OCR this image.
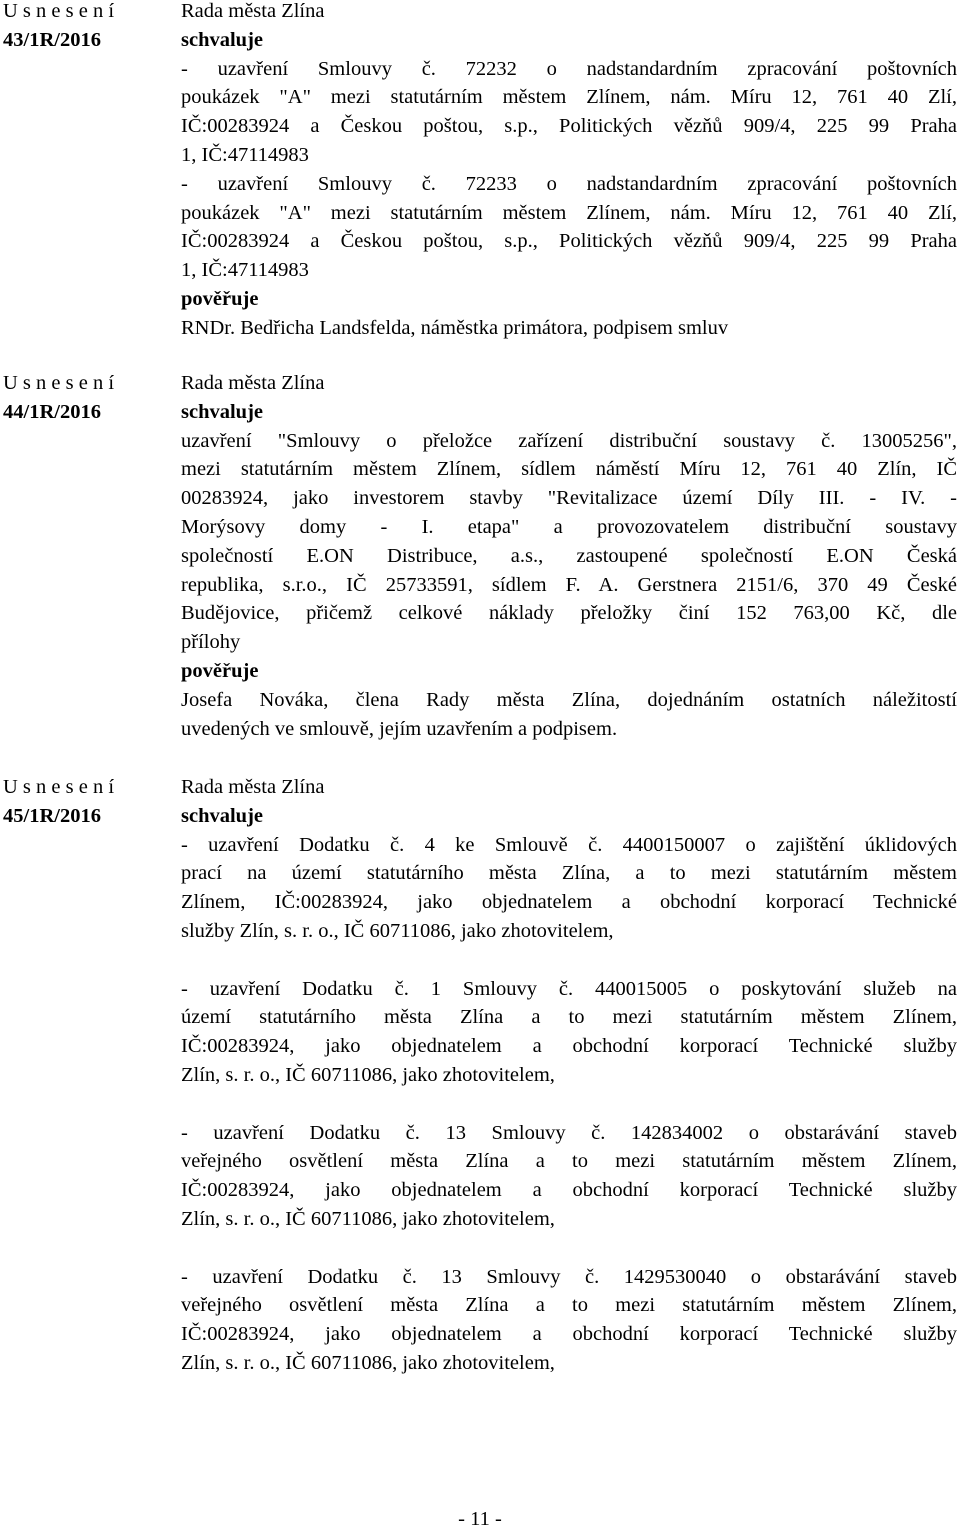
U s n e s e n í
43/1R/2016
Rada města Zlína
schvaluje
- uzavření Smlouvy č. 72232 o nadstandardním zpracování poštovních
poukázek "A" mezi statutárním městem Zlínem, nám. Míru 12, 761 40 Zlí,
IČ:00283924 a Českou poštou, s.p., Politických vězňů 909/4, 225 99 Praha
1, IČ:47114983
- uzavření Smlouvy č. 72233 o nadstandardním zpracování poštovních
poukázek "A" mezi statutárním městem Zlínem, nám. Míru 12, 761 40 Zlí,
IČ:00283924 a Českou poštou, s.p., Politických vězňů 909/4, 225 99 Praha
1, IČ:47114983
pověřuje
RNDr. Bedřicha Landsfelda, náměstka primátora, podpisem smluv
U s n e s e n í
44/1R/2016
Rada města Zlína
schvaluje
uzavření "Smlouvy o přeložce zařízení distribuční soustavy č. 13005256",
mezi statutárním městem Zlínem, sídlem náměstí Míru 12, 761 40 Zlín, IČ
00283924, jako investorem stavby "Revitalizace území Díly III. - IV. -
Morýsovy domy - I. etapa" a provozovatelem distribuční soustavy
společností E.ON Distribuce, a.s., zastoupené společností E.ON Česká
republika, s.r.o., IČ 25733591, sídlem F. A. Gerstnera 2151/6, 370 49 České
Budějovice, přičemž celkové náklady přeložky činí 152 763,00 Kč, dle
přílohy
pověřuje
Josefa Nováka, člena Rady města Zlína, dojednáním ostatních náležitostí
uvedených ve smlouvě, jejím uzavřením a podpisem.
U s n e s e n í
45/1R/2016
Rada města Zlína
schvaluje
- uzavření Dodatku č. 4 ke Smlouvě č. 4400150007 o zajištění úklidových
prací na území statutárního města Zlína, a to mezi statutárním městem
Zlínem, IČ:00283924, jako objednatelem a obchodní korporací Technické
služby Zlín, s. r. o., IČ 60711086, jako zhotovitelem,
- uzavření Dodatku č. 1 Smlouvy č. 440015005 o poskytování služeb na
území statutárního města Zlína a to mezi statutárním městem Zlínem,
IČ:00283924, jako objednatelem a obchodní korporací Technické služby
Zlín, s. r. o., IČ 60711086, jako zhotovitelem,
- uzavření Dodatku č. 13 Smlouvy č. 142834002 o obstarávání staveb
veřejného osvětlení města Zlína a to mezi statutárním městem Zlínem,
IČ:00283924, jako objednatelem a obchodní korporací Technické služby
Zlín, s. r. o., IČ 60711086, jako zhotovitelem,
- uzavření Dodatku č. 13 Smlouvy č. 1429530040 o obstarávání staveb
veřejného osvětlení města Zlína a to mezi statutárním městem Zlínem,
IČ:00283924, jako objednatelem a obchodní korporací Technické služby
Zlín, s. r. o., IČ 60711086, jako zhotovitelem,
- 11 -
